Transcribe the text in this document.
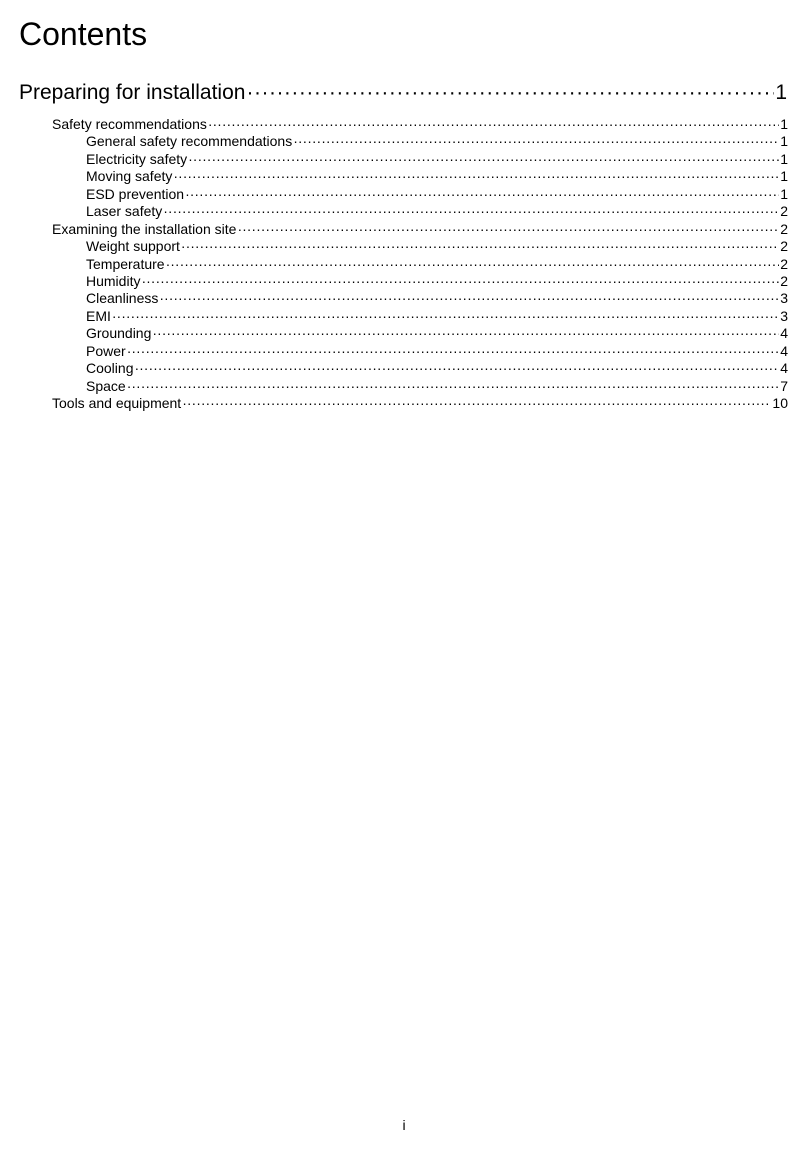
Contents
Preparing for installation ·····	1
Safety recommendations ·····	1
General safety recommendations ·····	1
Electricity safety ·····	1
Moving safety ·····	1
ESD prevention ·····	1
Laser safety ·····	2
Examining the installation site ·····	2
Weight support ·····	2
Temperature ·····	2
Humidity ·····	2
Cleanliness ·····	3
EMI ·····	3
Grounding ·····	4
Power ·····	4
Cooling ·····	4
Space ·····	7
Tools and equipment ·····	10
i
